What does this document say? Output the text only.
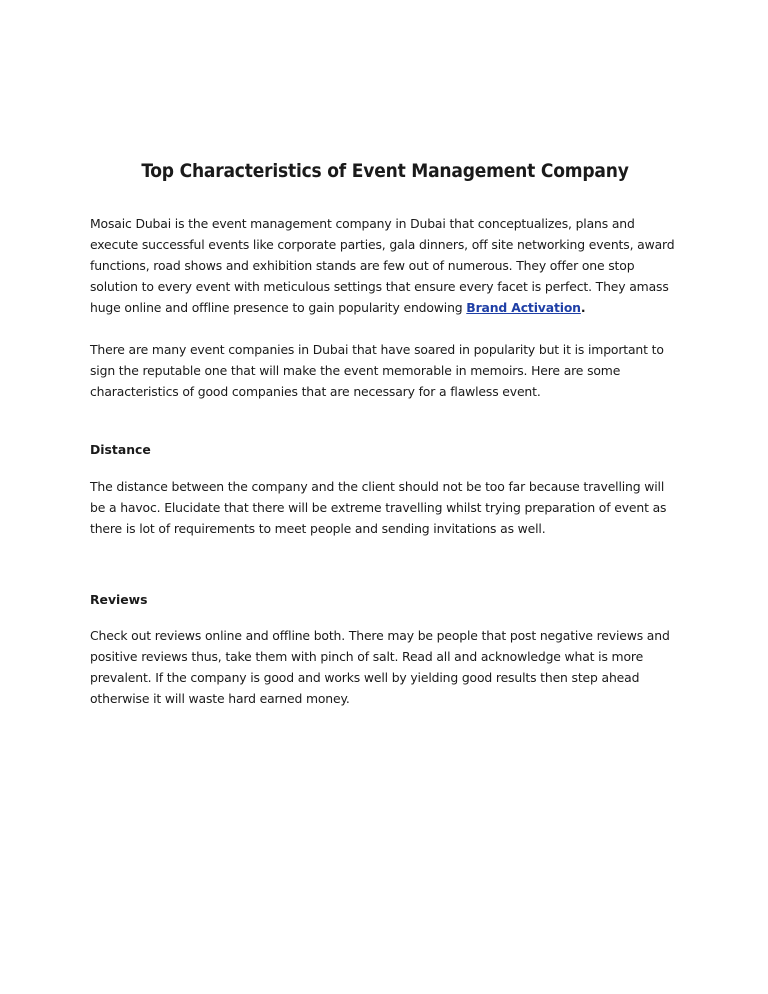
Top Characteristics of Event Management Company

Mosaic Dubai is the event management company in Dubai that conceptualizes, plans and execute successful events like corporate parties, gala dinners, off site networking events, award functions, road shows and exhibition stands are few out of numerous. They offer one stop solution to every event with meticulous settings that ensure every facet is perfect. They amass huge online and offline presence to gain popularity endowing Brand Activation.

There are many event companies in Dubai that have soared in popularity but it is important to sign the reputable one that will make the event memorable in memoirs. Here are some characteristics of good companies that are necessary for a flawless event.

Distance

The distance between the company and the client should not be too far because travelling will be a havoc. Elucidate that there will be extreme travelling whilst trying preparation of event as there is lot of requirements to meet people and sending invitations as well.

Reviews

Check out reviews online and offline both. There may be people that post negative reviews and positive reviews thus, take them with pinch of salt. Read all and acknowledge what is more prevalent. If the company is good and works well by yielding good results then step ahead otherwise it will waste hard earned money.
